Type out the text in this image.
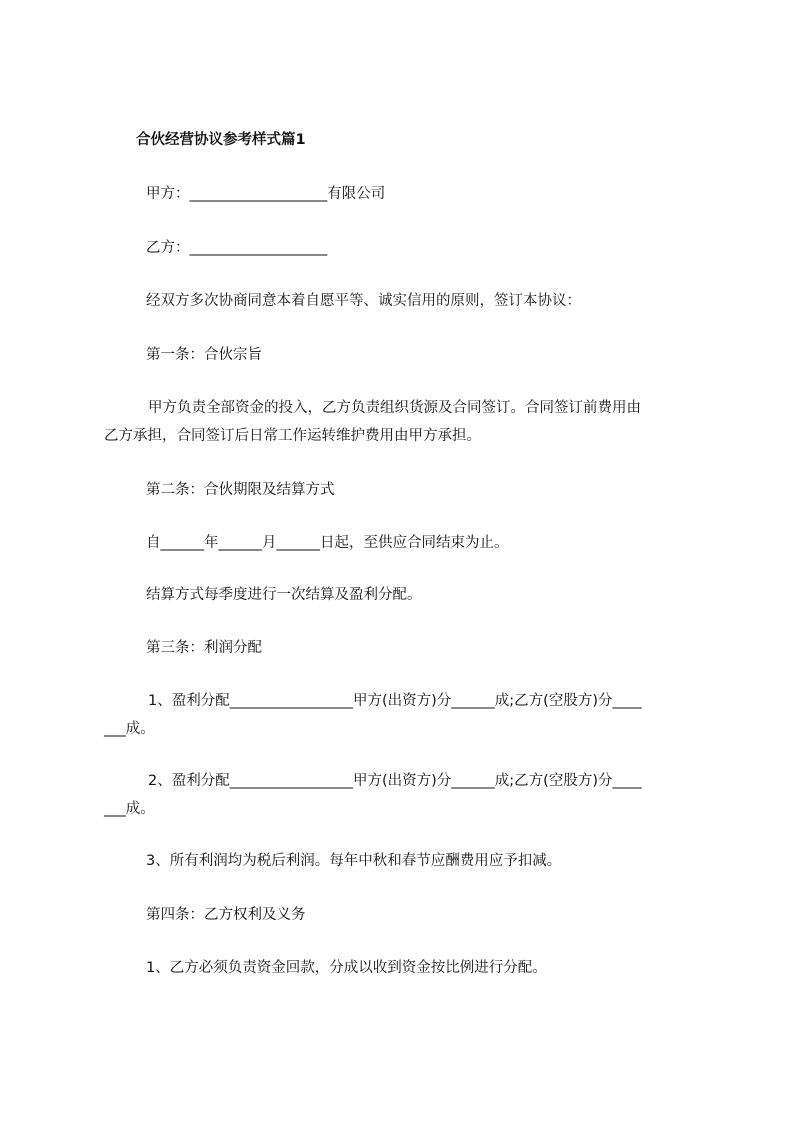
合伙经营协议参考样式篇1
甲方：___________________有限公司
乙方：___________________
经双方多次协商同意本着自愿平等、诚实信用的原则，签订本协议：
第一条：合伙宗旨
甲方负责全部资金的投入，乙方负责组织货源及合同签订。合同签订前费用由
乙方承担，合同签订后日常工作运转维护费用由甲方承担。
第二条：合伙期限及结算方式
自______年______月______日起，至供应合同结束为止。
结算方式每季度进行一次结算及盈利分配。
第三条：利润分配
1、盈利分配_________________甲方(出资方)分______成;乙方(空股方)分____
___成。
2、盈利分配_________________甲方(出资方)分______成;乙方(空股方)分____
___成。
3、所有利润均为税后利润。每年中秋和春节应酬费用应予扣减。
第四条：乙方权利及义务
1、乙方必须负责资金回款，分成以收到资金按比例进行分配。
